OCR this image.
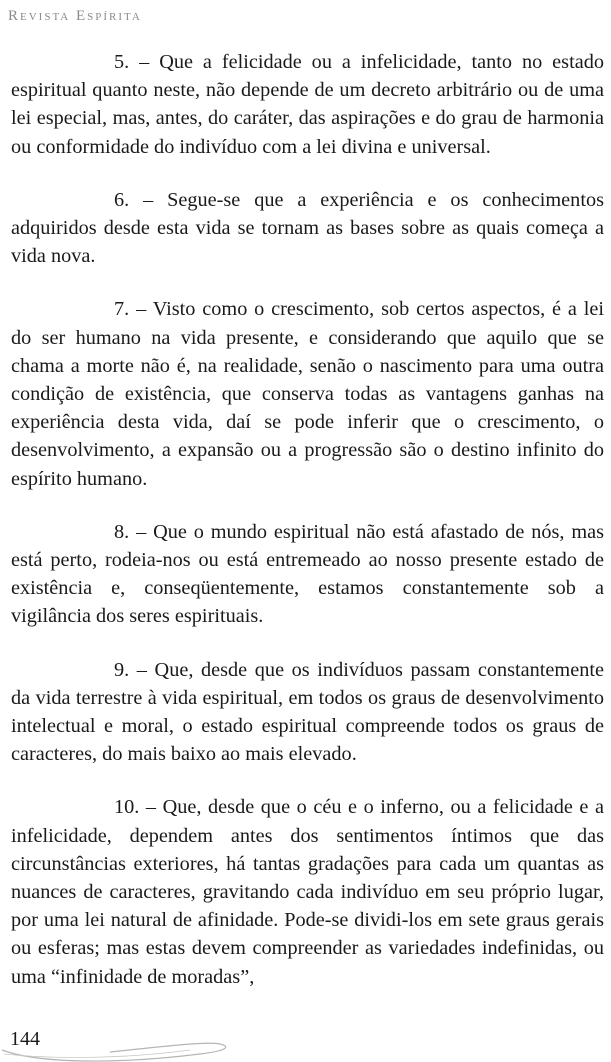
Revista Espírita

5. – Que a felicidade ou a infelicidade, tanto no estado espiritual quanto neste, não depende de um decreto arbitrário ou de uma lei especial, mas, antes, do caráter, das aspirações e do grau de harmonia ou conformidade do indivíduo com a lei divina e universal.

6. – Segue-se que a experiência e os conhecimentos adquiridos desde esta vida se tornam as bases sobre as quais começa a vida nova.

7. – Visto como o crescimento, sob certos aspectos, é a lei do ser humano na vida presente, e considerando que aquilo que se chama a morte não é, na realidade, senão o nascimento para uma outra condição de existência, que conserva todas as vantagens ganhas na experiência desta vida, daí se pode inferir que o crescimento, o desenvolvimento, a expansão ou a progressão são o destino infinito do espírito humano.

8. – Que o mundo espiritual não está afastado de nós, mas está perto, rodeia-nos ou está entremeado ao nosso presente estado de existência e, conseqüentemente, estamos constantemente sob a vigilância dos seres espirituais.

9. – Que, desde que os indivíduos passam constantemente da vida terrestre à vida espiritual, em todos os graus de desenvolvimento intelectual e moral, o estado espiritual compreende todos os graus de caracteres, do mais baixo ao mais elevado.

10. – Que, desde que o céu e o inferno, ou a felicidade e a infelicidade, dependem antes dos sentimentos íntimos que das circunstâncias exteriores, há tantas gradações para cada um quantas as nuances de caracteres, gravitando cada indivíduo em seu próprio lugar, por uma lei natural de afinidade. Pode-se dividi-los em sete graus gerais ou esferas; mas estas devem compreender as variedades indefinidas, ou uma “infinidade de moradas”,

144
